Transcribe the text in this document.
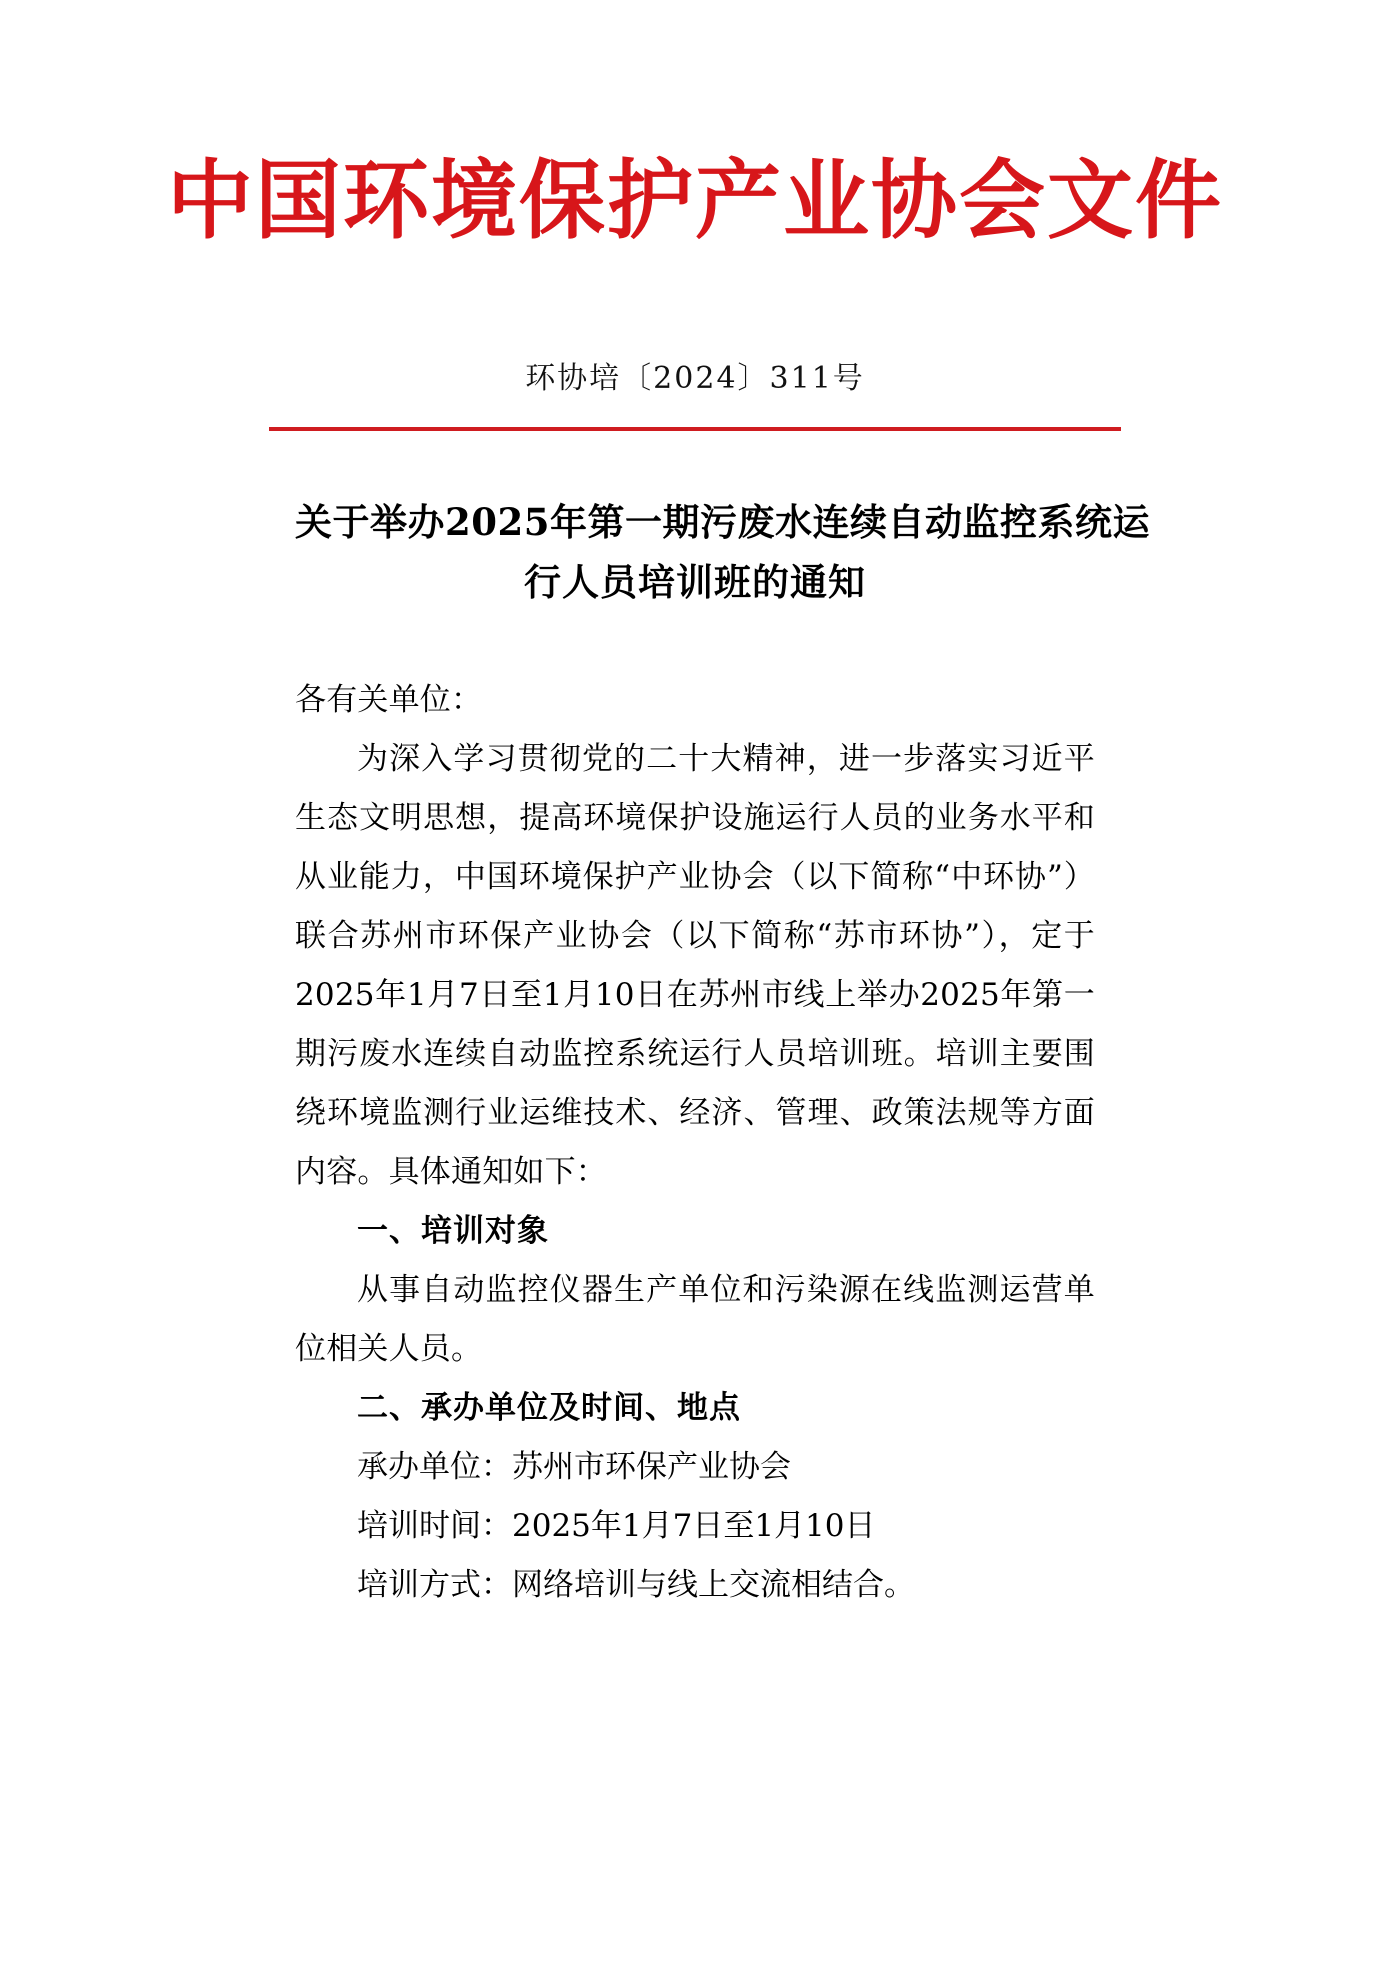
中国环境保护产业协会文件
环协培〔2024〕311号
关于举办2025年第一期污废水连续自动监控系统运
行人员培训班的通知

各有关单位：

为深入学习贯彻党的二十大精神，进一步落实习近平生态文明思想，提高环境保护设施运行人员的业务水平和从业能力，中国环境保护产业协会（以下简称“中环协”）联合苏州市环保产业协会（以下简称“苏市环协”），定于2025年1月7日至1月10日在苏州市线上举办2025年第一期污废水连续自动监控系统运行人员培训班。培训主要围绕环境监测行业运维技术、经济、管理、政策法规等方面内容。具体通知如下：

一、培训对象

从事自动监控仪器生产单位和污染源在线监测运营单位相关人员。

二、承办单位及时间、地点

承办单位：苏州市环保产业协会

培训时间：2025年1月7日至1月10日

培训方式：网络培训与线上交流相结合。
